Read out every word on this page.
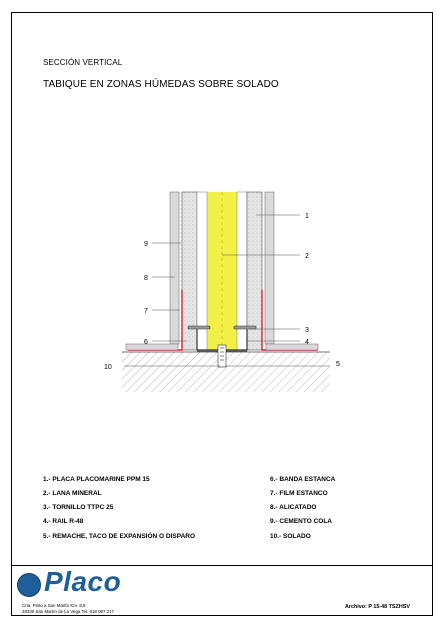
SECCIÓN VERTICAL
TABIQUE EN ZONAS HÚMEDAS SOBRE SOLADO
1
2
3
4
5
6
7
8
9
10
1.- PLACA PLACOMARINE PPM 15
2.- LANA MINERAL
3.- TORNILLO TTPC 25
4.- RAIL R-48
5.- REMACHE, TACO DE EXPANSIÓN O DISPARO
6.- BANDA ESTANCA
7.- FILM ESTANCO
8.- ALICATADO
9.- CEMENTO COLA
10.- SOLADO
Placo
Crta. Pinto a San Martín Km. 8,9
28330 San Martín de La Vega Tel. 918 087 217
Archivo: P 15-48 TSZHSV
